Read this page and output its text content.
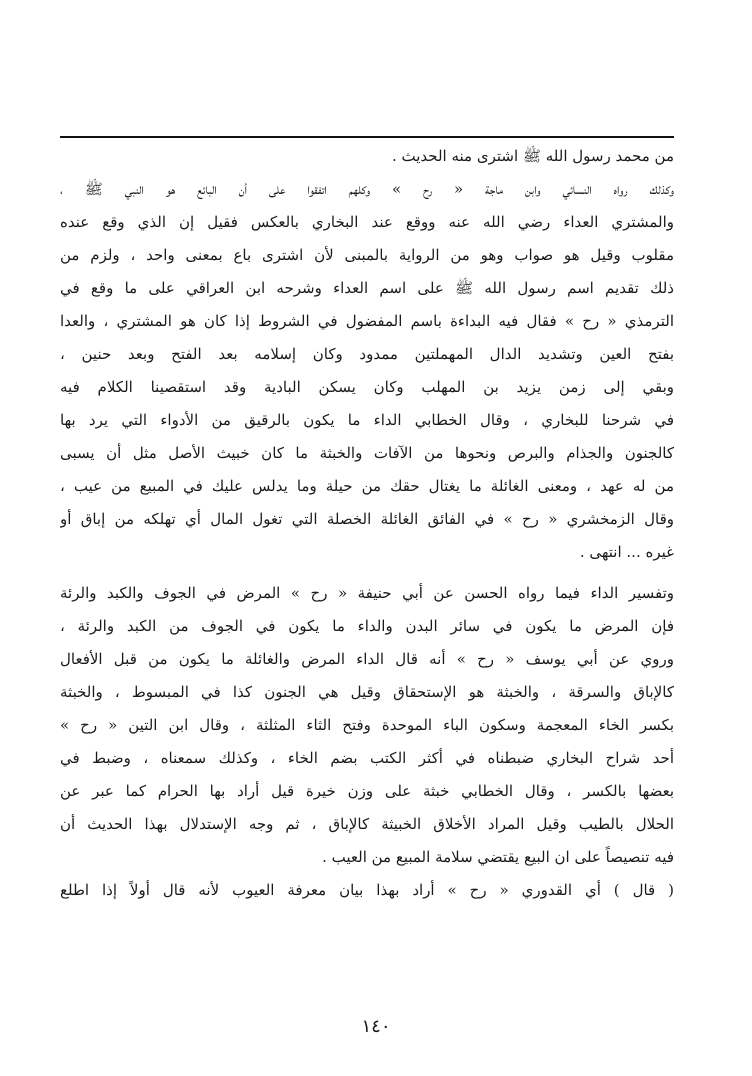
من محمد رسول الله ﷺ اشترى منه الحديث .
وكذلك رواه النسائي وابن ماجة « رح » وكلهم اتفقوا على أن البائع هو النبي ﷺ ،
والمشتري العداء رضي الله عنه ووقع عند البخاري بالعكس فقيل إن الذي وقع عنده
مقلوب وقيل هو صواب وهو من الرواية بالمبنى لأن اشترى باع بمعنى واحد ، ولزم من
ذلك تقديم اسم رسول الله ﷺ على اسم العداء وشرحه ابن العراقي على ما وقع في
الترمذي « رح » فقال فيه البداءة باسم المفضول في الشروط إذا كان هو المشتري ، والعدا
بفتح العين وتشديد الدال المهملتين ممدود وكان إسلامه بعد الفتح وبعد حنين ،
وبقي إلى زمن يزيد بن المهلب وكان يسكن البادية وقد استقصينا الكلام فيه
في شرحنا للبخاري ، وقال الخطابي الداء ما يكون بالرقيق من الأدواء التي يرد بها
كالجنون والجذام والبرص ونحوها من الآفات والخبثة ما كان خبيث الأصل مثل أن يسبى
من له عهد ، ومعنى الغائلة ما يغتال حقك من حيلة وما يدلس عليك في المبيع من عيب ،
وقال الزمخشري « رح » في الفائق الغائلة الخصلة التي تغول المال أي تهلكه من إباق أو
غيره ... انتهى .
وتفسير الداء فيما رواه الحسن عن أبي حنيفة « رح » المرض في الجوف والكبد والرئة
فإن المرض ما يكون في سائر البدن والداء ما يكون في الجوف من الكبد والرئة ،
وروي عن أبي يوسف « رح » أنه قال الداء المرض والغائلة ما يكون من قبل الأفعال
كالإباق والسرقة ، والخبثة هو الإستحقاق وقيل هي الجنون كذا في المبسوط ، والخبثة
بكسر الخاء المعجمة وسكون الباء الموحدة وفتح الثاء المثلثة ، وقال ابن التين « رح »
أحد شراح البخاري ضبطناه في أكثر الكتب بضم الخاء ، وكذلك سمعناه ، وضبط في
بعضها بالكسر ، وقال الخطابي خبثة على وزن خيرة قيل أراد بها الحرام كما عبر عن
الحلال بالطيب وقيل المراد الأخلاق الخبيثة كالإباق ، ثم وجه الإستدلال بهذا الحديث أن
فيه تنصيصاً على ان البيع يقتضي سلامة المبيع من العيب .
( قال ) أي القدوري « رح » أراد بهذا بيان معرفة العيوب لأنه قال أولاً إذا اطلع
١٤٠
